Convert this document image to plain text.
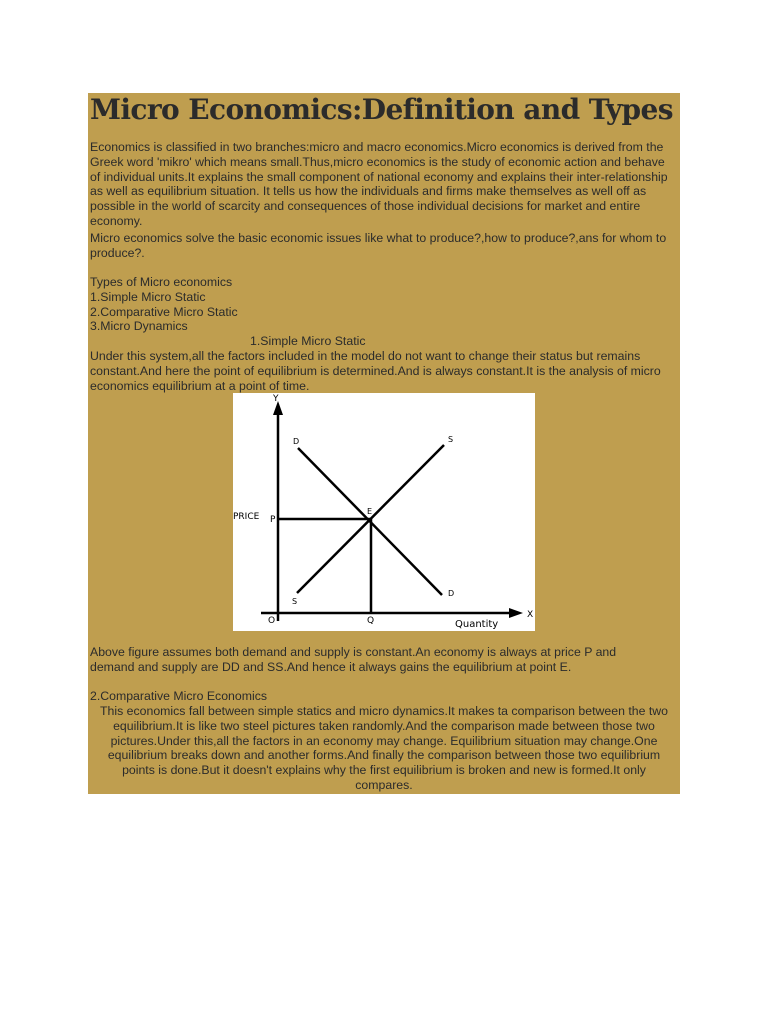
Micro Economics:Definition and Types

Economics is classified in two branches:micro and macro economics.Micro economics is derived from the Greek word 'mikro' which means small.Thus,micro economics is the study of economic action and behave of individual units.It explains the small component of national economy and explains their inter-relationship as well as equilibrium situation. It tells us how the individuals and firms make themselves as well off as possible in the world of scarcity and consequences of those individual decisions for market and entire economy.

Micro economics solve the basic economic issues like what to produce?,how to produce?,ans for whom to produce?.

Types of Micro economics
1.Simple Micro Static
2.Comparative Micro Static
3.Micro Dynamics
1.Simple Micro Static

Under this system,all the factors included in the model do not want to change their status but remains constant.And here the point of equilibrium is determined.And is always constant.It is the analysis of micro economics equilibrium at a point of time.

Y
X
PRICE P
O	Q	Quantity
E
D
D
S
S
Above figure assumes both demand and supply is constant.An economy is always at price P and
demand and supply are DD and SS.And hence it always gains the equilibrium at point E.
2.Comparative Micro Economics
This economics fall between simple statics and micro dynamics.It makes ta comparison between the two
equilibrium.It is like two steel pictures taken randomly.And the comparison made between those two
pictures.Under this,all the factors in an economy may change. Equilibrium situation may change.One
equilibrium breaks down and another forms.And finally the comparison between those two equilibrium
points is done.But it doesn't explains why the first equilibrium is broken and new is formed.It only
compares.
